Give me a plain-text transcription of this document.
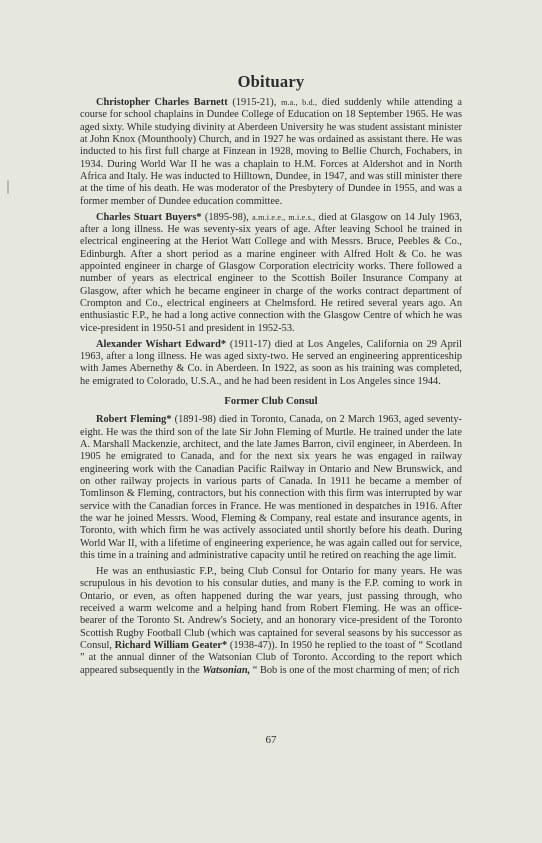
Obituary

Christopher Charles Barnett (1915-21), m.a., b.d., died suddenly while attending a course for school chaplains in Dundee College of Education on 18 September 1965. He was aged sixty. While studying divinity at Aberdeen University he was student assistant minister at John Knox (Mounthooly) Church, and in 1927 he was ordained as assistant there. He was inducted to his first full charge at Finzean in 1928, moving to Bellie Church, Fochabers, in 1934. During World War II he was a chaplain to H.M. Forces at Aldershot and in North Africa and Italy. He was inducted to Hilltown, Dundee, in 1947, and was still minister there at the time of his death. He was moderator of the Presbytery of Dundee in 1955, and was a former member of Dundee education committee.

Charles Stuart Buyers* (1895-98), a.m.i.e.e., m.i.e.s., died at Glasgow on 14 July 1963, after a long illness. He was seventy-six years of age. After leaving School he trained in electrical engineering at the Heriot Watt College and with Messrs. Bruce, Peebles & Co., Edinburgh. After a short period as a marine engineer with Alfred Holt & Co. he was appointed engineer in charge of Glasgow Corporation electricity works. There followed a number of years as electrical engineer to the Scottish Boiler Insurance Company at Glasgow, after which he became engineer in charge of the works contract department of Crompton and Co., electrical engineers at Chelmsford. He retired several years ago. An enthusiastic F.P., he had a long active connection with the Glasgow Centre of which he was vice-president in 1950-51 and president in 1952-53.

Alexander Wishart Edward* (1911-17) died at Los Angeles, California on 29 April 1963, after a long illness. He was aged sixty-two. He served an engineering apprenticeship with James Abernethy & Co. in Aberdeen. In 1922, as soon as his training was completed, he emigrated to Colorado, U.S.A., and he had been resident in Los Angeles since 1944.

Former Club Consul

Robert Fleming* (1891-98) died in Toronto, Canada, on 2 March 1963, aged seventy-eight. He was the third son of the late Sir John Fleming of Murtle. He trained under the late A. Marshall Mackenzie, architect, and the late James Barron, civil engineer, in Aberdeen. In 1905 he emigrated to Canada, and for the next six years he was engaged in railway engineering work with the Canadian Pacific Railway in Ontario and New Brunswick, and on other railway projects in various parts of Canada. In 1911 he became a member of Tomlinson & Fleming, contractors, but his connection with this firm was interrupted by war service with the Canadian forces in France. He was mentioned in despatches in 1916. After the war he joined Messrs. Wood, Fleming & Company, real estate and insurance agents, in Toronto, with which firm he was actively associated until shortly before his death. During World War II, with a lifetime of engineering experience, he was again called out for service, this time in a training and administrative capacity until he retired on reaching the age limit.

He was an enthusiastic F.P., being Club Consul for Ontario for many years. He was scrupulous in his devotion to his consular duties, and many is the F.P. coming to work in Ontario, or even, as often happened during the war years, just passing through, who received a warm welcome and a helping hand from Robert Fleming. He was an office-bearer of the Toronto St. Andrew's Society, and an honorary vice-president of the Toronto Scottish Rugby Football Club (which was captained for several seasons by his successor as Consul, Richard William Geater* (1938-47)). In 1950 he replied to the toast of “ Scotland ” at the annual dinner of the Watsonian Club of Toronto. According to the report which appeared subsequently in the Watsonian, “ Bob is one of the most charming of men; of rich

67
